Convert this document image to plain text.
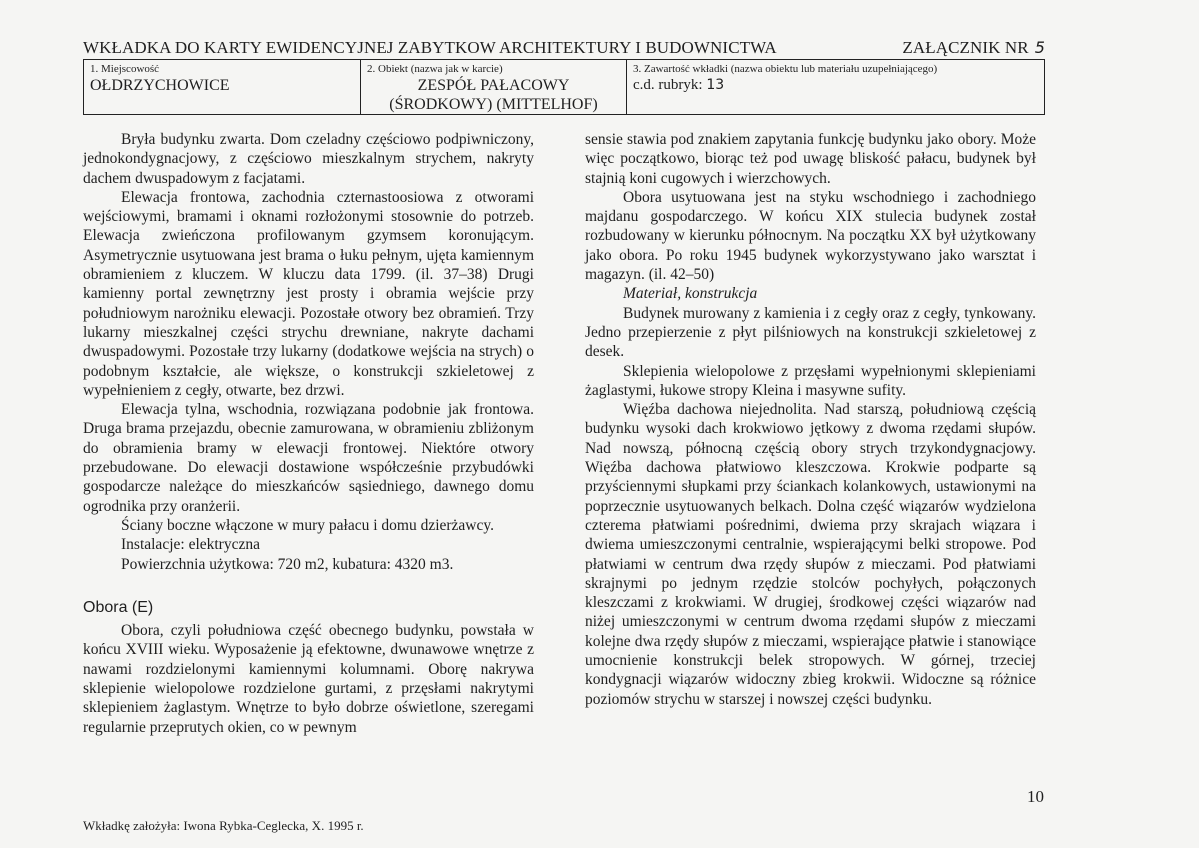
WKŁADKA DO KARTY EWIDENCYJNEJ ZABYTKOW ARCHITEKTURY I BUDOWNICTWA	ZAŁĄCZNIK NR 5
1. Miejscowość
OŁDRZYCHOWICE
2. Obiekt (nazwa jak w karcie)
ZESPÓŁ PAŁACOWY
(ŚRODKOWY) (MITTELHOF)
3. Zawartość wkładki (nazwa obiektu lub materiału uzupełniającego)
c.d. rubryk: 13

Bryła budynku zwarta. Dom czeladny częściowo podpiwniczony, jednokondygnacjowy, z częściowo mieszkalnym strychem, nakryty dachem dwuspadowym z facjatami.

Elewacja frontowa, zachodnia czternastoosiowa z otworami wejściowymi, bramami i oknami rozłożonymi stosownie do potrzeb. Elewacja zwieńczona profilowanym gzymsem koronującym. Asymetrycznie usytuowana jest brama o łuku pełnym, ujęta kamiennym obramieniem z kluczem. W kluczu data 1799. (il. 37–38) Drugi kamienny portal zewnętrzny jest prosty i obramia wejście przy południowym narożniku elewacji. Pozostałe otwory bez obramień. Trzy lukarny mieszkalnej części strychu drewniane, nakryte dachami dwuspadowymi. Pozostałe trzy lukarny (dodatkowe wejścia na strych) o podobnym kształcie, ale większe, o konstrukcji szkieletowej z wypełnieniem z cegły, otwarte, bez drzwi.

Elewacja tylna, wschodnia, rozwiązana podobnie jak frontowa. Druga brama przejazdu, obecnie zamurowana, w obramieniu zbliżonym do obramienia bramy w elewacji frontowej. Niektóre otwory przebudowane. Do elewacji dostawione współcześnie przybudówki gospodarcze należące do mieszkańców sąsiedniego, dawnego domu ogrodnika przy oranżerii.

Ściany boczne włączone w mury pałacu i domu dzierżawcy.

Instalacje: elektryczna

Powierzchnia użytkowa: 720 m2, kubatura: 4320 m3.

Obora (E)

Obora, czyli południowa część obecnego budynku, powstała w końcu XVIII wieku. Wyposażenie ją efektowne, dwunawowe wnętrze z nawami rozdzielonymi kamiennymi kolumnami. Oborę nakrywa sklepienie wielopolowe rozdzielone gurtami, z przęsłami nakrytymi sklepieniem żaglastym. Wnętrze to było dobrze oświetlone, szeregami regularnie przeprutych okien, co w pewnym

sensie stawia pod znakiem zapytania funkcję budynku jako obory. Może więc początkowo, biorąc też pod uwagę bliskość pałacu, budynek był stajnią koni cugowych i wierzchowych.

Obora usytuowana jest na styku wschodniego i zachodniego majdanu gospodarczego. W końcu XIX stulecia budynek został rozbudowany w kierunku północnym. Na początku XX był użytkowany jako obora. Po roku 1945 budynek wykorzystywano jako warsztat i magazyn. (il. 42–50)

Materiał, konstrukcja

Budynek murowany z kamienia i z cegły oraz z cegły, tynkowany. Jedno przepierzenie z płyt pilśniowych na konstrukcji szkieletowej z desek.

Sklepienia wielopolowe z przęsłami wypełnionymi sklepieniami żaglastymi, łukowe stropy Kleina i masywne sufity.

Więźba dachowa niejednolita. Nad starszą, południową częścią budynku wysoki dach krokwiowo jętkowy z dwoma rzędami słupów. Nad nowszą, północną częścią obory strych trzykondygnacjowy. Więźba dachowa płatwiowo kleszczowa. Krokwie podparte są przyściennymi słupkami przy ściankach kolankowych, ustawionymi na poprzecznie usytuowanych belkach. Dolna część wiązarów wydzielona czterema płatwiami pośrednimi, dwiema przy skrajach wiązara i dwiema umieszczonymi centralnie, wspierającymi belki stropowe. Pod płatwiami w centrum dwa rzędy słupów z mieczami. Pod płatwiami skrajnymi po jednym rzędzie stolców pochyłych, połączonych kleszczami z krokwiami. W drugiej, środkowej części wiązarów nad niżej umieszczonymi w centrum dwoma rzędami słupów z mieczami kolejne dwa rzędy słupów z mieczami, wspierające płatwie i stanowiące umocnienie konstrukcji belek stropowych. W górnej, trzeciej kondygnacji wiązarów widoczny zbieg krokwii. Widoczne są różnice poziomów strychu w starszej i nowszej części budynku.

10
Wkładkę założyła: Iwona Rybka-Ceglecka, X. 1995 r.
